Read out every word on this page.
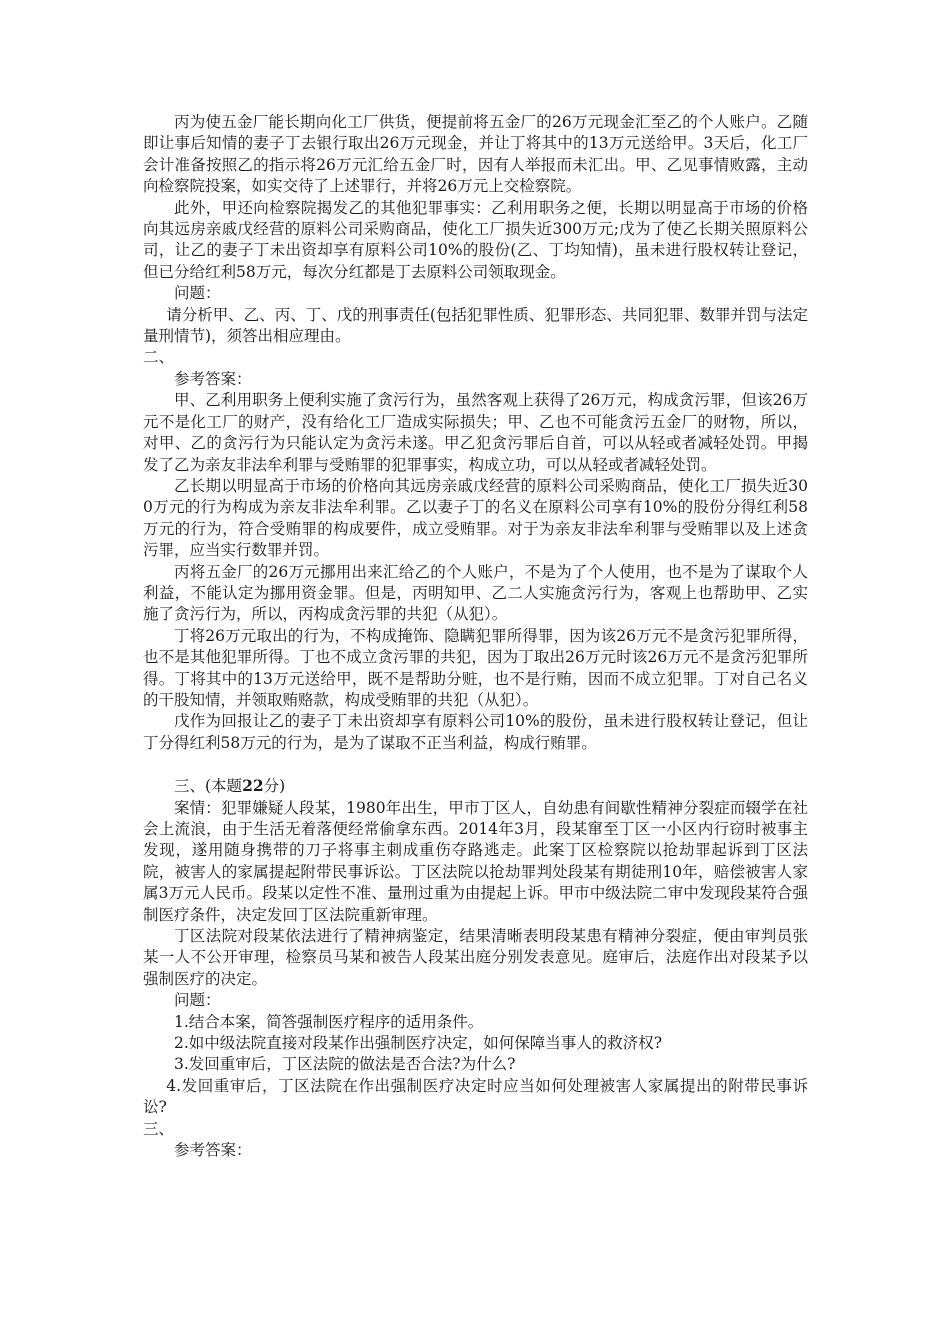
丙为使五金厂能长期向化工厂供货，便提前将五金厂的26万元现金汇至乙的个人账户。乙随即让事后知情的妻子丁去银行取出26万元现金，并让丁将其中的13万元送给甲。3天后，化工厂会计准备按照乙的指示将26万元汇给五金厂时，因有人举报而未汇出。甲、乙见事情败露，主动向检察院投案，如实交待了上述罪行，并将26万元上交检察院。

此外，甲还向检察院揭发乙的其他犯罪事实：乙利用职务之便，长期以明显高于市场的价格向其远房亲戚戊经营的原料公司采购商品，使化工厂损失近300万元;戊为了使乙长期关照原料公司，让乙的妻子丁未出资却享有原料公司10%的股份(乙、丁均知情)，虽未进行股权转让登记，但已分给红利58万元，每次分红都是丁去原料公司领取现金。

问题：

请分析甲、乙、丙、丁、戊的刑事责任(包括犯罪性质、犯罪形态、共同犯罪、数罪并罚与法定量刑情节)，须答出相应理由。

二、

参考答案：

甲、乙利用职务上便利实施了贪污行为，虽然客观上获得了26万元，构成贪污罪，但该26万元不是化工厂的财产，没有给化工厂造成实际损失；甲、乙也不可能贪污五金厂的财物，所以，对甲、乙的贪污行为只能认定为贪污未遂。甲乙犯贪污罪后自首，可以从轻或者减轻处罚。甲揭发了乙为亲友非法牟利罪与受贿罪的犯罪事实，构成立功，可以从轻或者减轻处罚。

乙长期以明显高于市场的价格向其远房亲戚戊经营的原料公司采购商品，使化工厂损失近300万元的行为构成为亲友非法牟利罪。乙以妻子丁的名义在原料公司享有10%的股份分得红利58万元的行为，符合受贿罪的构成要件，成立受贿罪。对于为亲友非法牟利罪与受贿罪以及上述贪污罪，应当实行数罪并罚。

丙将五金厂的26万元挪用出来汇给乙的个人账户，不是为了个人使用，也不是为了谋取个人利益，不能认定为挪用资金罪。但是，丙明知甲、乙二人实施贪污行为，客观上也帮助甲、乙实施了贪污行为，所以，丙构成贪污罪的共犯（从犯）。

丁将26万元取出的行为，不构成掩饰、隐瞒犯罪所得罪，因为该26万元不是贪污犯罪所得，也不是其他犯罪所得。丁也不成立贪污罪的共犯，因为丁取出26万元时该26万元不是贪污犯罪所得。丁将其中的13万元送给甲，既不是帮助分赃，也不是行贿，因而不成立犯罪。丁对自己名义的干股知情，并领取贿赂款，构成受贿罪的共犯（从犯）。

戊作为回报让乙的妻子丁未出资却享有原料公司10%的股份，虽未进行股权转让登记，但让丁分得红利58万元的行为，是为了谋取不正当利益，构成行贿罪。

三、(本题22分)

案情：犯罪嫌疑人段某，1980年出生，甲市丁区人，自幼患有间歇性精神分裂症而辍学在社会上流浪，由于生活无着落便经常偷拿东西。2014年3月，段某窜至丁区一小区内行窃时被事主发现，遂用随身携带的刀子将事主刺成重伤夺路逃走。此案丁区检察院以抢劫罪起诉到丁区法院，被害人的家属提起附带民事诉讼。丁区法院以抢劫罪判处段某有期徒刑10年，赔偿被害人家属3万元人民币。段某以定性不准、量刑过重为由提起上诉。甲市中级法院二审中发现段某符合强制医疗条件，决定发回丁区法院重新审理。

丁区法院对段某依法进行了精神病鉴定，结果清晰表明段某患有精神分裂症，便由审判员张某一人不公开审理，检察员马某和被告人段某出庭分别发表意见。庭审后，法庭作出对段某予以强制医疗的决定。

问题：

1.结合本案，简答强制医疗程序的适用条件。

2.如中级法院直接对段某作出强制医疗决定，如何保障当事人的救济权?

3.发回重审后，丁区法院的做法是否合法?为什么?

4.发回重审后，丁区法院在作出强制医疗决定时应当如何处理被害人家属提出的附带民事诉讼?

三、

参考答案：
